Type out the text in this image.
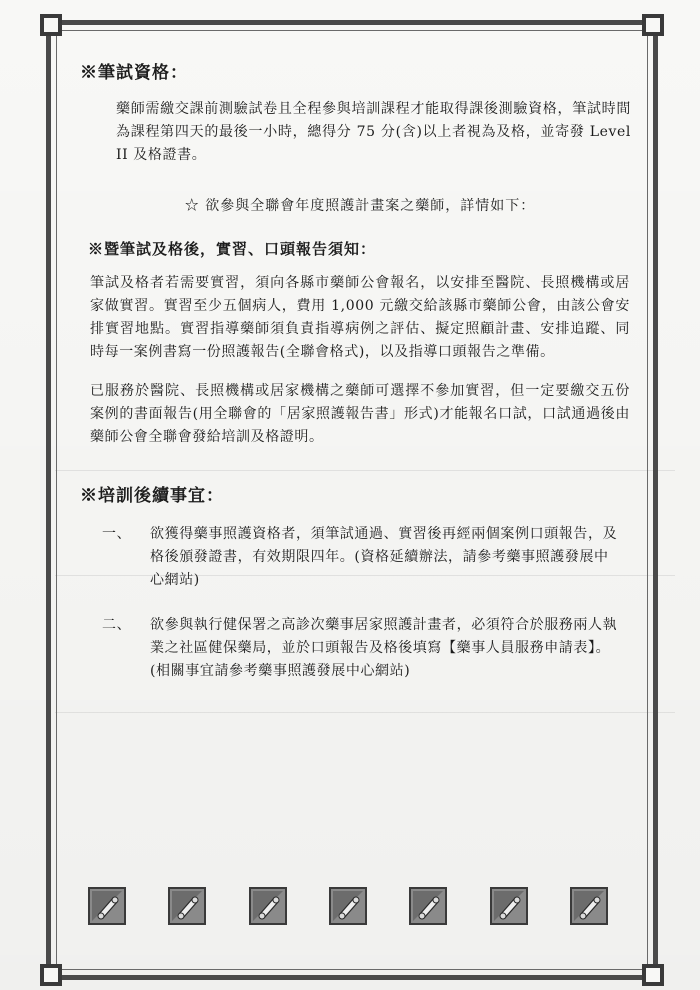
※筆試資格：

藥師需繳交課前測驗試卷且全程參與培訓課程才能取得課後測驗資格，筆試時間為課程第四天的最後一小時，總得分 75 分(含)以上者視為及格，並寄發 Level II 及格證書。

☆ 欲參與全聯會年度照護計畫案之藥師，詳情如下：
※暨筆試及格後，實習、口頭報告須知：

筆試及格者若需要實習，須向各縣市藥師公會報名，以安排至醫院、長照機構或居家做實習。實習至少五個病人，費用 1,000 元繳交給該縣市藥師公會，由該公會安排實習地點。實習指導藥師須負責指導病例之評估、擬定照顧計畫、安排追蹤、同時每一案例書寫一份照護報告(全聯會格式)，以及指導口頭報告之準備。

已服務於醫院、長照機構或居家機構之藥師可選擇不參加實習，但一定要繳交五份案例的書面報告(用全聯會的「居家照護報告書」形式)才能報名口試，口試通過後由藥師公會全聯會發給培訓及格證明。

※培訓後續事宜：
一、	欲獲得藥事照護資格者，須筆試通過、實習後再經兩個案例口頭報告，及格後頒發證書，有效期限四年。(資格延續辦法，請參考藥事照護發展中心網站)
二、	欲參與執行健保署之高診次藥事居家照護計畫者，必須符合於服務兩人執業之社區健保藥局，並於口頭報告及格後填寫【藥事人員服務申請表】。(相關事宜請參考藥事照護發展中心網站)
